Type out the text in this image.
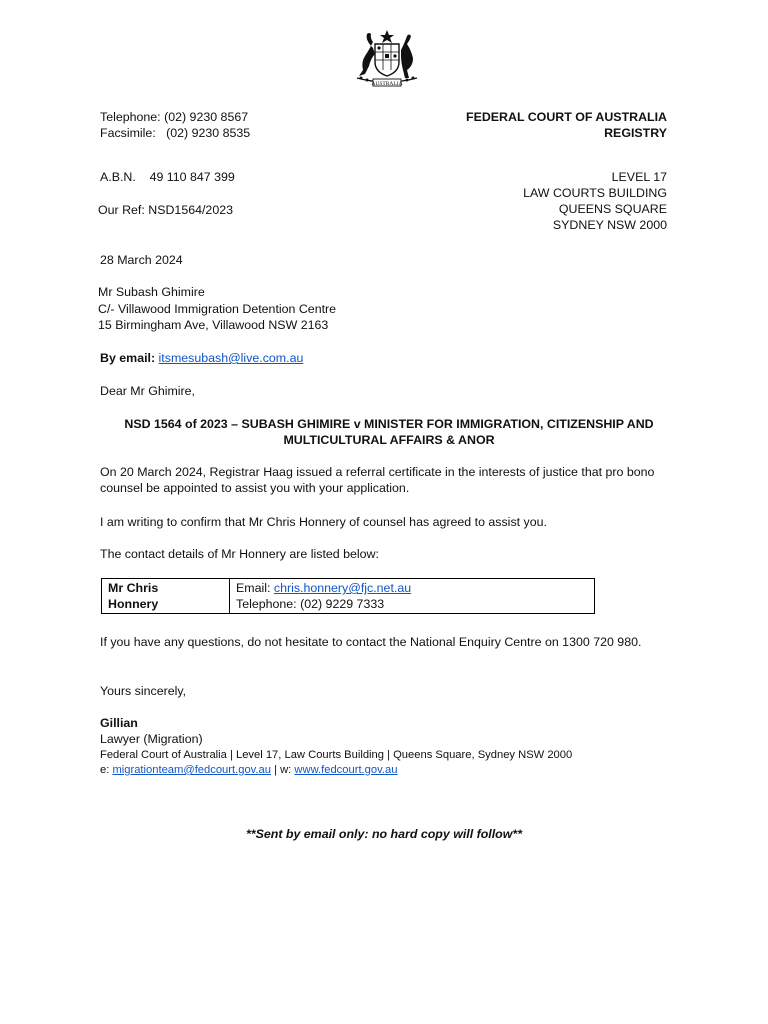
AUSTRALIA
Telephone: (02) 9230 8567
Facsimile:   (02) 9230 8535
A.B.N.    49 110 847 399
Our Ref: NSD1564/2023
FEDERAL COURT OF AUSTRALIA
REGISTRY
LEVEL 17
LAW COURTS BUILDING
QUEENS SQUARE
SYDNEY NSW 2000
28 March 2024
Mr Subash Ghimire
C/- Villawood Immigration Detention Centre
15 Birmingham Ave, Villawood NSW 2163
By email: itsmesubash@live.com.au
Dear Mr Ghimire,
NSD 1564 of 2023 – SUBASH GHIMIRE v MINISTER FOR IMMIGRATION, CITIZENSHIP AND
MULTICULTURAL AFFAIRS & ANOR
On 20 March 2024, Registrar Haag issued a referral certificate in the interests of justice that pro bono counsel be appointed to assist you with your application.
I am writing to confirm that Mr Chris Honnery of counsel has agreed to assist you.
The contact details of Mr Honnery are listed below:
Mr Chris
Honnery

Email: chris.honnery@fjc.net.au
Telephone: (02) 9229 7333
If you have any questions, do not hesitate to contact the National Enquiry Centre on 1300 720 980.
Yours sincerely,
Gillian
Lawyer (Migration)
Federal Court of Australia | Level 17, Law Courts Building | Queens Square, Sydney NSW 2000
e: migrationteam@fedcourt.gov.au | w: www.fedcourt.gov.au
**Sent by email only: no hard copy will follow**
